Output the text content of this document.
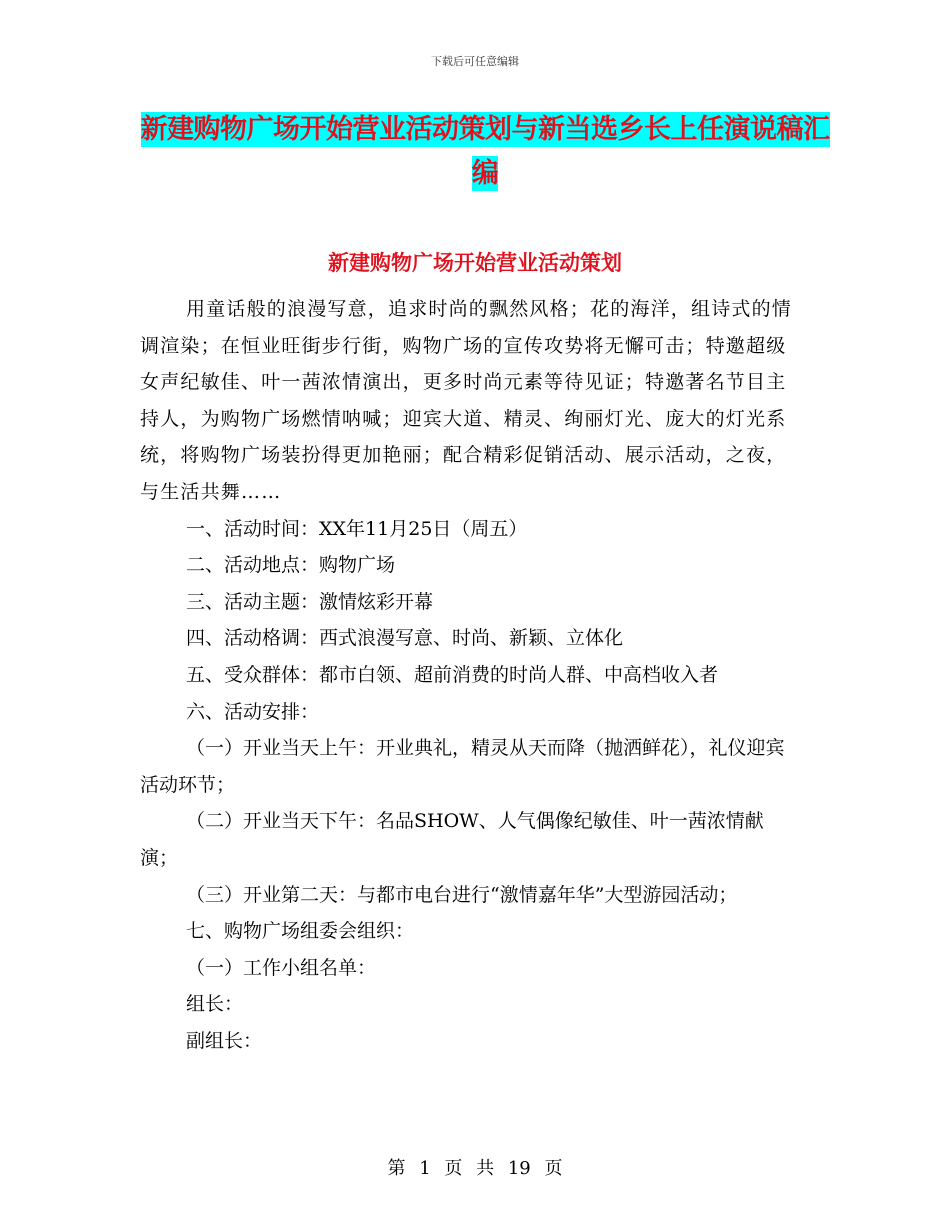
下载后可任意编辑
新建购物广场开始营业活动策划与新当选乡长上任演说稿汇编
新建购物广场开始营业活动策划

用童话般的浪漫写意，追求时尚的飘然风格；花的海洋，组诗式的情调渲染；在恒业旺街步行街，购物广场的宣传攻势将无懈可击；特邀超级女声纪敏佳、叶一茜浓情演出，更多时尚元素等待见证；特邀著名节目主持人，为购物广场燃情呐喊；迎宾大道、精灵、绚丽灯光、庞大的灯光系统，将购物广场装扮得更加艳丽；配合精彩促销活动、展示活动，之夜，与生活共舞……

一、活动时间：XX年11月25日（周五）

二、活动地点：购物广场

三、活动主题：激情炫彩开幕

四、活动格调：西式浪漫写意、时尚、新颖、立体化

五、受众群体：都市白领、超前消费的时尚人群、中高档收入者

六、活动安排：

（一）开业当天上午：开业典礼，精灵从天而降（抛洒鲜花），礼仪迎宾活动环节；

（二）开业当天下午：名品SHOW、人气偶像纪敏佳、叶一茜浓情献演；

（三）开业第二天：与都市电台进行“激情嘉年华”大型游园活动；

七、购物广场组委会组织：

（一）工作小组名单：

组长：

副组长：

第 1 页 共 19 页
